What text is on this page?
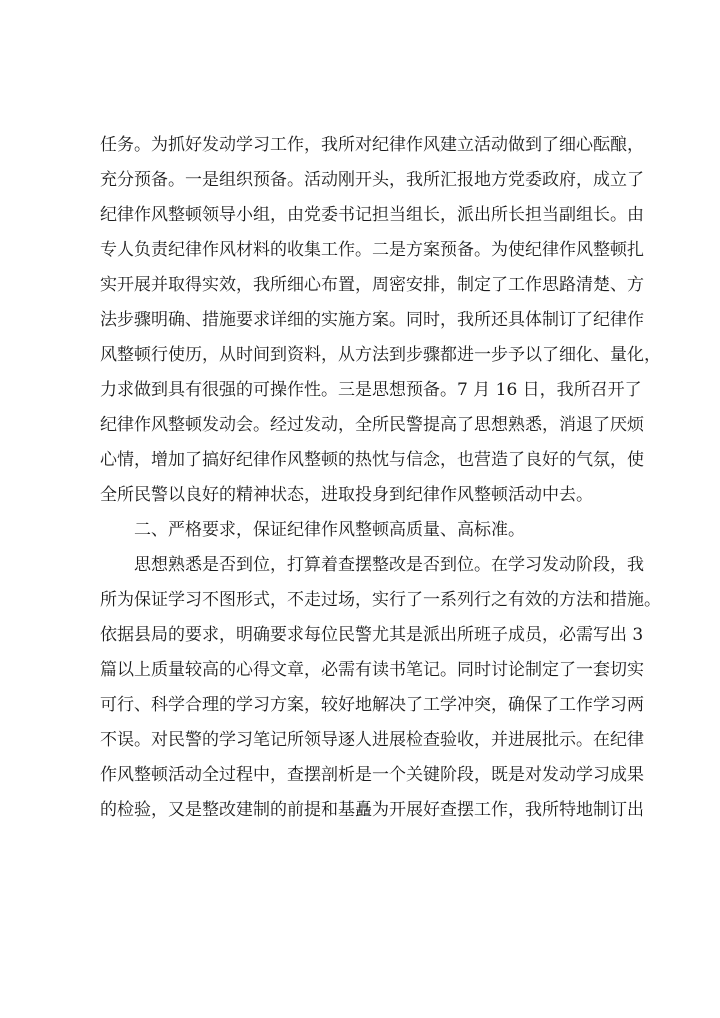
任务。为抓好发动学习工作，我所对纪律作风建立活动做到了细心酝酿，
充分预备。一是组织预备。活动刚开头，我所汇报地方党委政府，成立了
纪律作风整顿领导小组，由党委书记担当组长，派出所长担当副组长。由
专人负责纪律作风材料的收集工作。二是方案预备。为使纪律作风整顿扎
实开展并取得实效，我所细心布置，周密安排，制定了工作思路清楚、方
法步骤明确、措施要求详细的实施方案。同时，我所还具体制订了纪律作
风整顿行使历，从时间到资料，从方法到步骤都进一步予以了细化、量化，
力求做到具有很强的可操作性。三是思想预备。7 月 16 日，我所召开了
纪律作风整顿发动会。经过发动，全所民警提高了思想熟悉，消退了厌烦
心情，增加了搞好纪律作风整顿的热忱与信念，也营造了良好的气氛，使
全所民警以良好的精神状态，进取投身到纪律作风整顿活动中去。
二、严格要求，保证纪律作风整顿高质量、高标准。
思想熟悉是否到位，打算着查摆整改是否到位。在学习发动阶段，我
所为保证学习不图形式，不走过场，实行了一系列行之有效的方法和措施。
依据县局的要求，明确要求每位民警尤其是派出所班子成员，必需写出 3
篇以上质量较高的心得文章，必需有读书笔记。同时讨论制定了一套切实
可行、科学合理的学习方案，较好地解决了工学冲突，确保了工作学习两
不误。对民警的学习笔记所领导逐人进展检查验收，并进展批示。在纪律
作风整顿活动全过程中，查摆剖析是一个关键阶段，既是对发动学习成果
的检验，又是整改建制的前提和基矗为开展好查摆工作，我所特地制订出
